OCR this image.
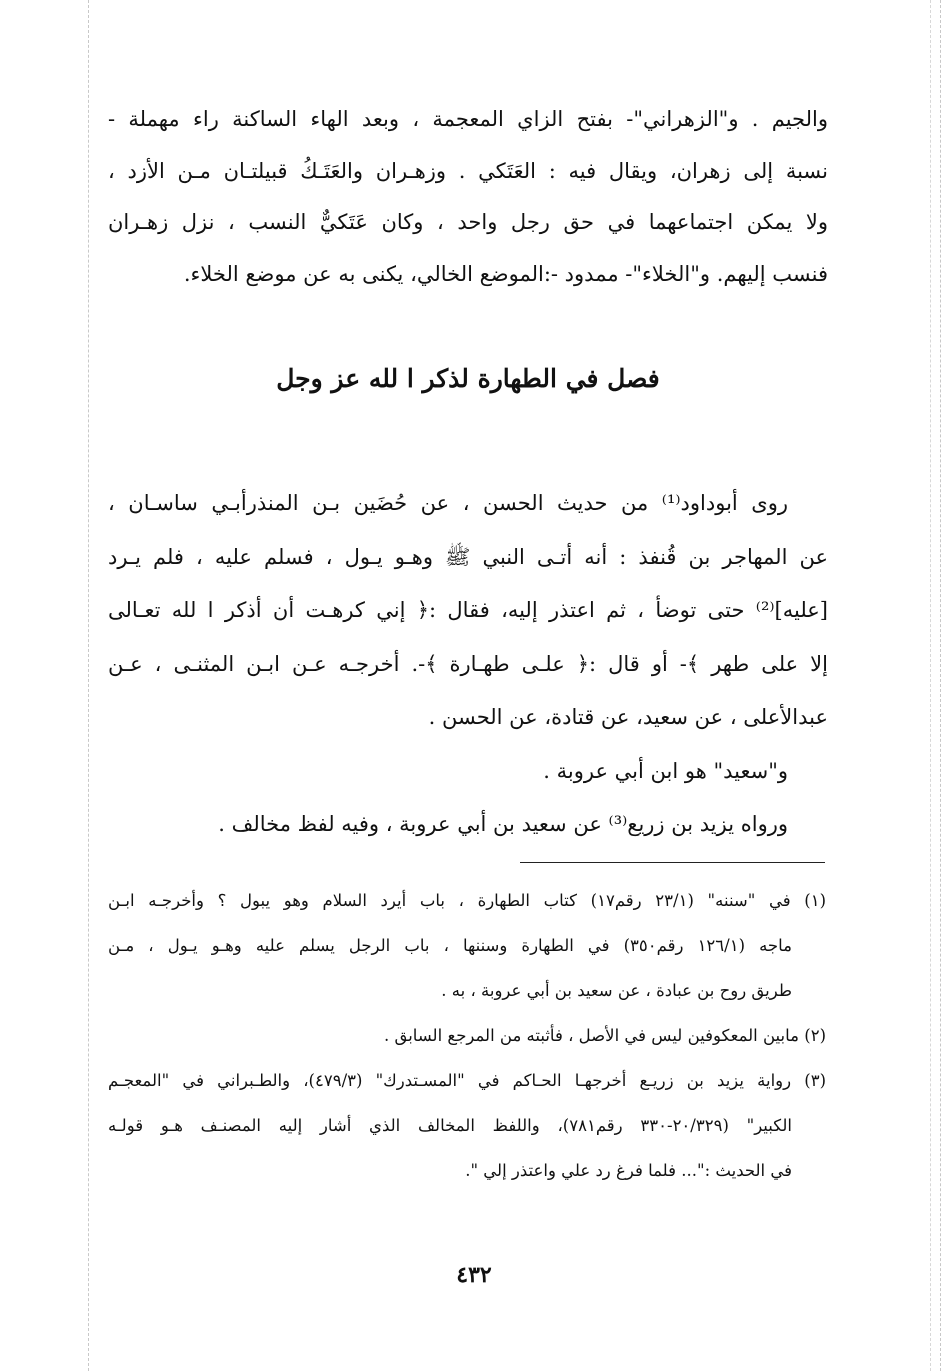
والجيم . و"الزهراني"- بفتح الزاي المعجمة ، وبعد الهاء الساكنة راء مهملة -
نسبة إلى زهران، ويقال فيه : العَتَكي . وزهـران والعَتَـكُ قبيلتـان مـن الأزد ،
ولا يمكن اجتماعهما في حق رجل واحد ، وكان عَتَكيٌّ النسب ، نزل زهـران
فنسب إليهم. و"الخلاء"- ممدود -:الموضع الخالي، يكنى به عن موضع الخلاء.
فصل في الطهارة لذكر ا لله عز وجل
روى أبوداود⁽¹⁾ من حديث الحسن ، عن حُضَين بـن المنذرأبـي ساسـان ،
عن المهاجر بن قُنفذ : أنه أتـى النبي ﷺ وهـو يـول ، فسلم عليه ، فلم يـرد
[عليه]⁽²⁾ حتى توضأ ، ثم اعتذر إليه، فقال :﴿ إني كرهـت أن أذكر ا لله تعـالى
إلا على طهر ﴾- أو قال :﴿ علـى طهـارة ﴾-. أخرجـه عـن ابـن المثنـى ، عـن
عبدالأعلى ، عن سعيد، عن قتادة، عن الحسن .
و"سعيد" هو ابن أبي عروبة .
ورواه يزيد بن زريع⁽³⁾ عن سعيد بن أبي عروبة ، وفيه لفظ مخالف .
(١) في "سننه" (٢٣/١ رقم١٧) كتاب الطهارة ، باب أيرد السلام وهو يبول ؟ وأخرجـه ابـن
ماجه (١٢٦/١ رقم٣٥٠) في الطهارة وسننها ، باب الرجل يسلم عليه وهـو يـول ، مـن
طريق روح بن عبادة ، عن سعيد بن أبي عروبة ، به .
(٢) مابين المعكوفين ليس في الأصل ، فأثبته من المرجع السابق .
(٣) رواية يزيد بن زريـع أخرجهـا الحـاكم في "المسـتدرك" (٤٧٩/٣)، والطـبراني في "المعجـم
الكبير" (٢٠/٣٢٩-٣٣٠ رقم٧٨١)، واللفظ المخالف الذي أشار إليه المصنـف هـو قولـه
في الحديث :"... فلما فرغ رد علي واعتذر إلي ".
٤٣٢
